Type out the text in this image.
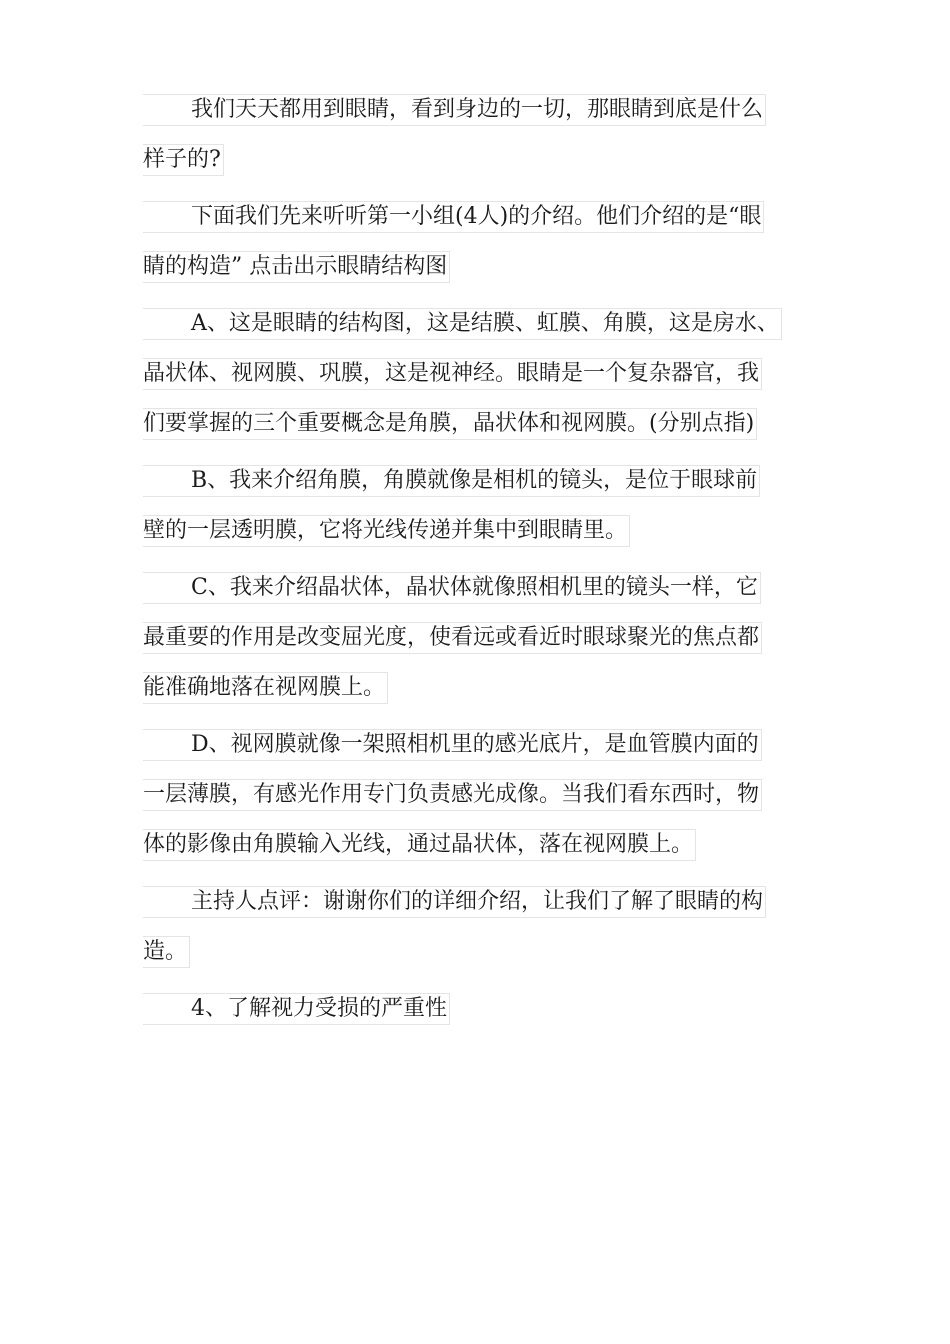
我们天天都用到眼睛，看到身边的一切，那眼睛到底是什么
样子的?
下面我们先来听听第一小组(4人)的介绍。他们介绍的是“眼
睛的构造” 点击出示眼睛结构图
A、这是眼睛的结构图，这是结膜、虹膜、角膜，这是房水、
晶状体、视网膜、巩膜，这是视神经。眼睛是一个复杂器官，我
们要掌握的三个重要概念是角膜，晶状体和视网膜。(分别点指)
B、我来介绍角膜，角膜就像是相机的镜头，是位于眼球前
壁的一层透明膜，它将光线传递并集中到眼睛里。
C、我来介绍晶状体，晶状体就像照相机里的镜头一样，它
最重要的作用是改变屈光度，使看远或看近时眼球聚光的焦点都
能准确地落在视网膜上。
D、视网膜就像一架照相机里的感光底片，是血管膜内面的
一层薄膜，有感光作用专门负责感光成像。当我们看东西时，物
体的影像由角膜输入光线，通过晶状体，落在视网膜上。
主持人点评：谢谢你们的详细介绍，让我们了解了眼睛的构
造。
4、了解视力受损的严重性
